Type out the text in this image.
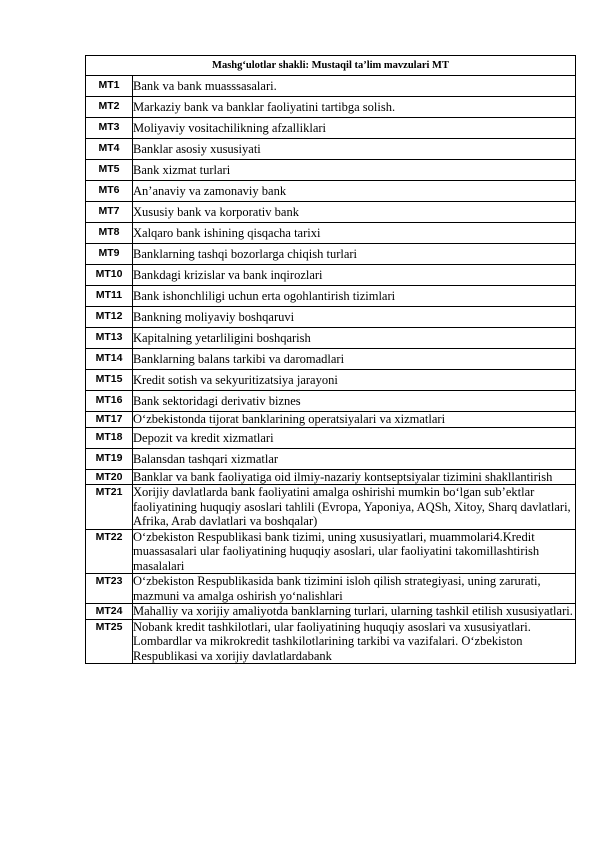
Mashg‘ulotlar shakli: Mustaqil ta’lim mavzulari MT	
MT1	Bank va bank muasssasalari.
MT2	Markaziy bank va banklar faoliyatini tartibga solish.
MT3	Moliyaviy vositachilikning afzalliklari
MT4	Banklar asosiy xususiyati
MT5	Bank xizmat turlari
MT6	An’anaviy va zamonaviy bank
MT7	Xususiy bank va korporativ bank
MT8	Xalqaro bank ishining qisqacha tarixi
MT9	Banklarning tashqi bozorlarga chiqish turlari
MT10	Bankdagi krizislar va bank inqirozlari
MT11	Bank ishonchliligi uchun erta ogohlantirish tizimlari
MT12	Bankning moliyaviy boshqaruvi
MT13	Kapitalning yetarliligini boshqarish
MT14	Banklarning balans tarkibi va daromadlari
MT15	Kredit sotish va sekyuritizatsiya jarayoni
MT16	Bank sektoridagi derivativ biznes
MT17	O‘zbekistonda tijorat banklarining operatsiyalari va xizmatlari
MT18	Depozit va kredit xizmatlari
MT19	Balansdan tashqari xizmatlar
MT20	Banklar va bank faoliyatiga oid ilmiy-nazariy kontseptsiyalar tizimini shakllantirish
MT21	Xorijiy davlatlarda bank faoliyatini amalga oshirishi mumkin bo‘lgan sub’ektlar faoliyatining huquqiy asoslari tahlili (Evropa, Yaponiya, AQSh, Xitoy, Sharq davlatlari, Afrika, Arab davlatlari va boshqalar)
MT22	O‘zbekiston Respublikasi bank tizimi, uning xususiyatlari, muammolari4.Kredit muassasalari ular faoliyatining huquqiy asoslari, ular faoliyatini takomillashtirish masalalari
MT23	O‘zbekiston Respublikasida bank tizimini isloh qilish strategiyasi, uning zarurati, mazmuni va amalga oshirish yo‘nalishlari
MT24	Mahalliy va xorijiy amaliyotda banklarning turlari, ularning tashkil etilish xususiyatlari.
MT25	Nobank kredit tashkilotlari, ular faoliyatining huquqiy asoslari va xususiyatlari. Lombardlar va mikrokredit tashkilotlarining tarkibi va vazifalari. O‘zbekiston Respublikasi va xorijiy davlatlardabank
